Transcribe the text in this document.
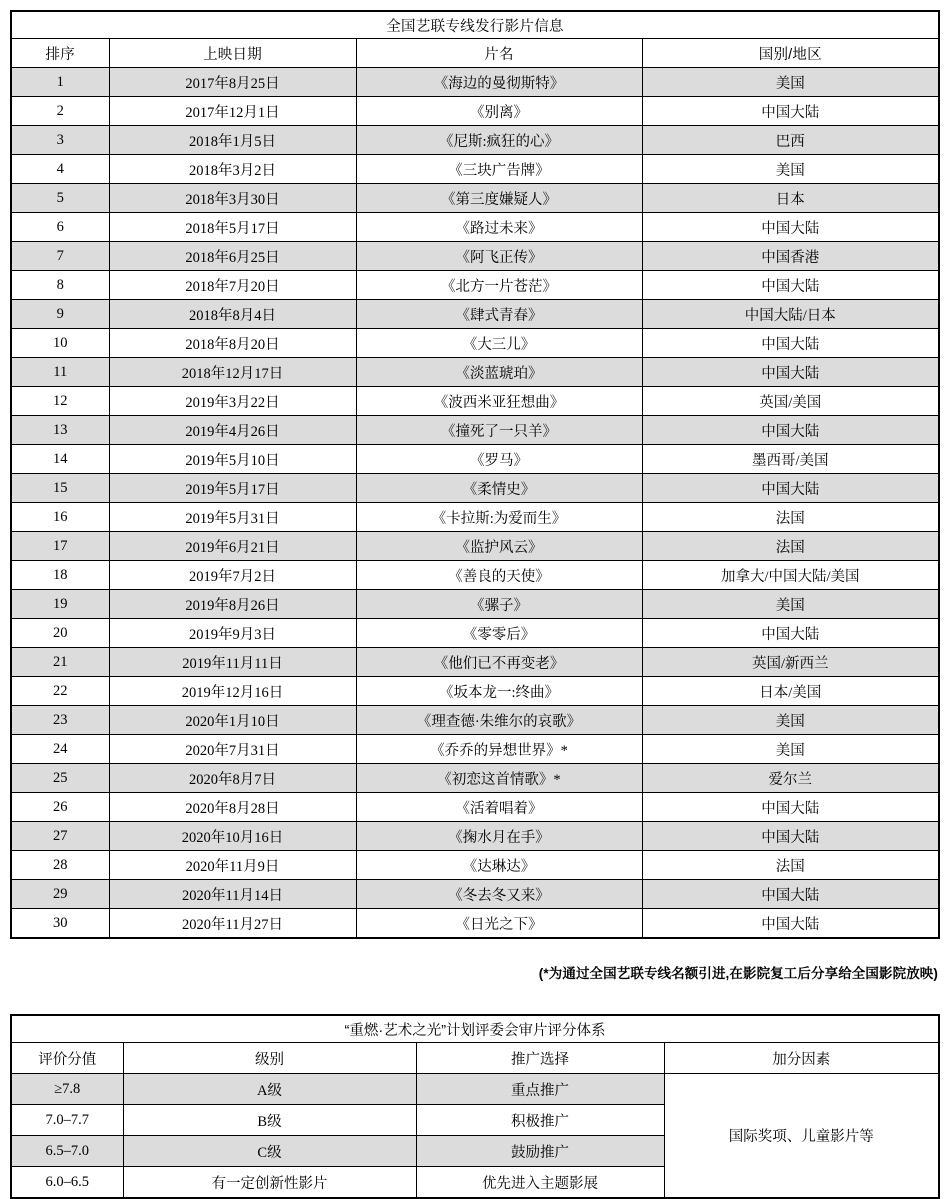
全国艺联专线发行影片信息			
排序	上映日期	片名	国别/地区
1	2017年8月25日	《海边的曼彻斯特》	美国
2	2017年12月1日	《别离》	中国大陆
3	2018年1月5日	《尼斯:疯狂的心》	巴西
4	2018年3月2日	《三块广告牌》	美国
5	2018年3月30日	《第三度嫌疑人》	日本
6	2018年5月17日	《路过未来》	中国大陆
7	2018年6月25日	《阿飞正传》	中国香港
8	2018年7月20日	《北方一片苍茫》	中国大陆
9	2018年8月4日	《肆式青春》	中国大陆/日本
10	2018年8月20日	《大三儿》	中国大陆
11	2018年12月17日	《淡蓝琥珀》	中国大陆
12	2019年3月22日	《波西米亚狂想曲》	英国/美国
13	2019年4月26日	《撞死了一只羊》	中国大陆
14	2019年5月10日	《罗马》	墨西哥/美国
15	2019年5月17日	《柔情史》	中国大陆
16	2019年5月31日	《卡拉斯:为爱而生》	法国
17	2019年6月21日	《监护风云》	法国
18	2019年7月2日	《善良的天使》	加拿大/中国大陆/美国
19	2019年8月26日	《骡子》	美国
20	2019年9月3日	《零零后》	中国大陆
21	2019年11月11日	《他们已不再变老》	英国/新西兰
22	2019年12月16日	《坂本龙一:终曲》	日本/美国
23	2020年1月10日	《理查德·朱维尔的哀歌》	美国
24	2020年7月31日	《乔乔的异想世界》*	美国
25	2020年8月7日	《初恋这首情歌》*	爱尔兰
26	2020年8月28日	《活着唱着》	中国大陆
27	2020年10月16日	《掬水月在手》	中国大陆
28	2020年11月9日	《达琳达》	法国
29	2020年11月14日	《冬去冬又来》	中国大陆
30	2020年11月27日	《日光之下》	中国大陆
(*为通过全国艺联专线名额引进,在影院复工后分享给全国影院放映)
“重燃·艺术之光”计划评委会审片评分体系			
评价分值	级别	推广选择	加分因素
≥7.8	A级	重点推广	国际奖项、儿童影片等
7.0–7.7	B级	积极推广	
6.5–7.0	C级	鼓励推广	
6.0–6.5	有一定创新性影片	优先进入主题影展	
